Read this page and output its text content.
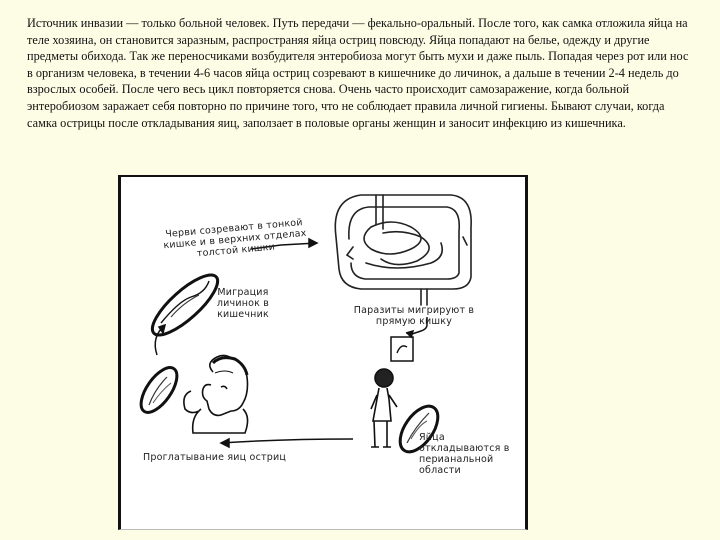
Источник инвазии — только больной человек. Путь передачи — фекально-оральный. После того, как самка отложила яйца на теле хозяина, он становится заразным, распространяя яйца остриц повсюду. Яйца попадают на белье, одежду и другие предметы обихода. Так же переносчиками возбудителя энтеробиоза могут быть мухи и даже пыль. Попадая через рот или нос в организм человека, в течении 4-6 часов яйца остриц созревают в кишечнике до личинок, а дальше в течении 2-4 недель до взрослых особей. После чего весь цикл повторяется снова. Очень часто происходит самозаражение, когда больной энтеробиозом заражает себя повторно по причине того, что не соблюдает правила личной гигиены. Бывают случаи, когда самка острицы после откладывания яиц, заползает в половые органы женщин и заносит инфекцию из кишечника.
Черви созревают в тонкой кишке и в верхних отделах толстой кишки
Миграция личинок в кишечник	Паразиты мигрируют в прямую кишку
Яйца откладываются в перианальной области
Проглатывание яиц остриц
